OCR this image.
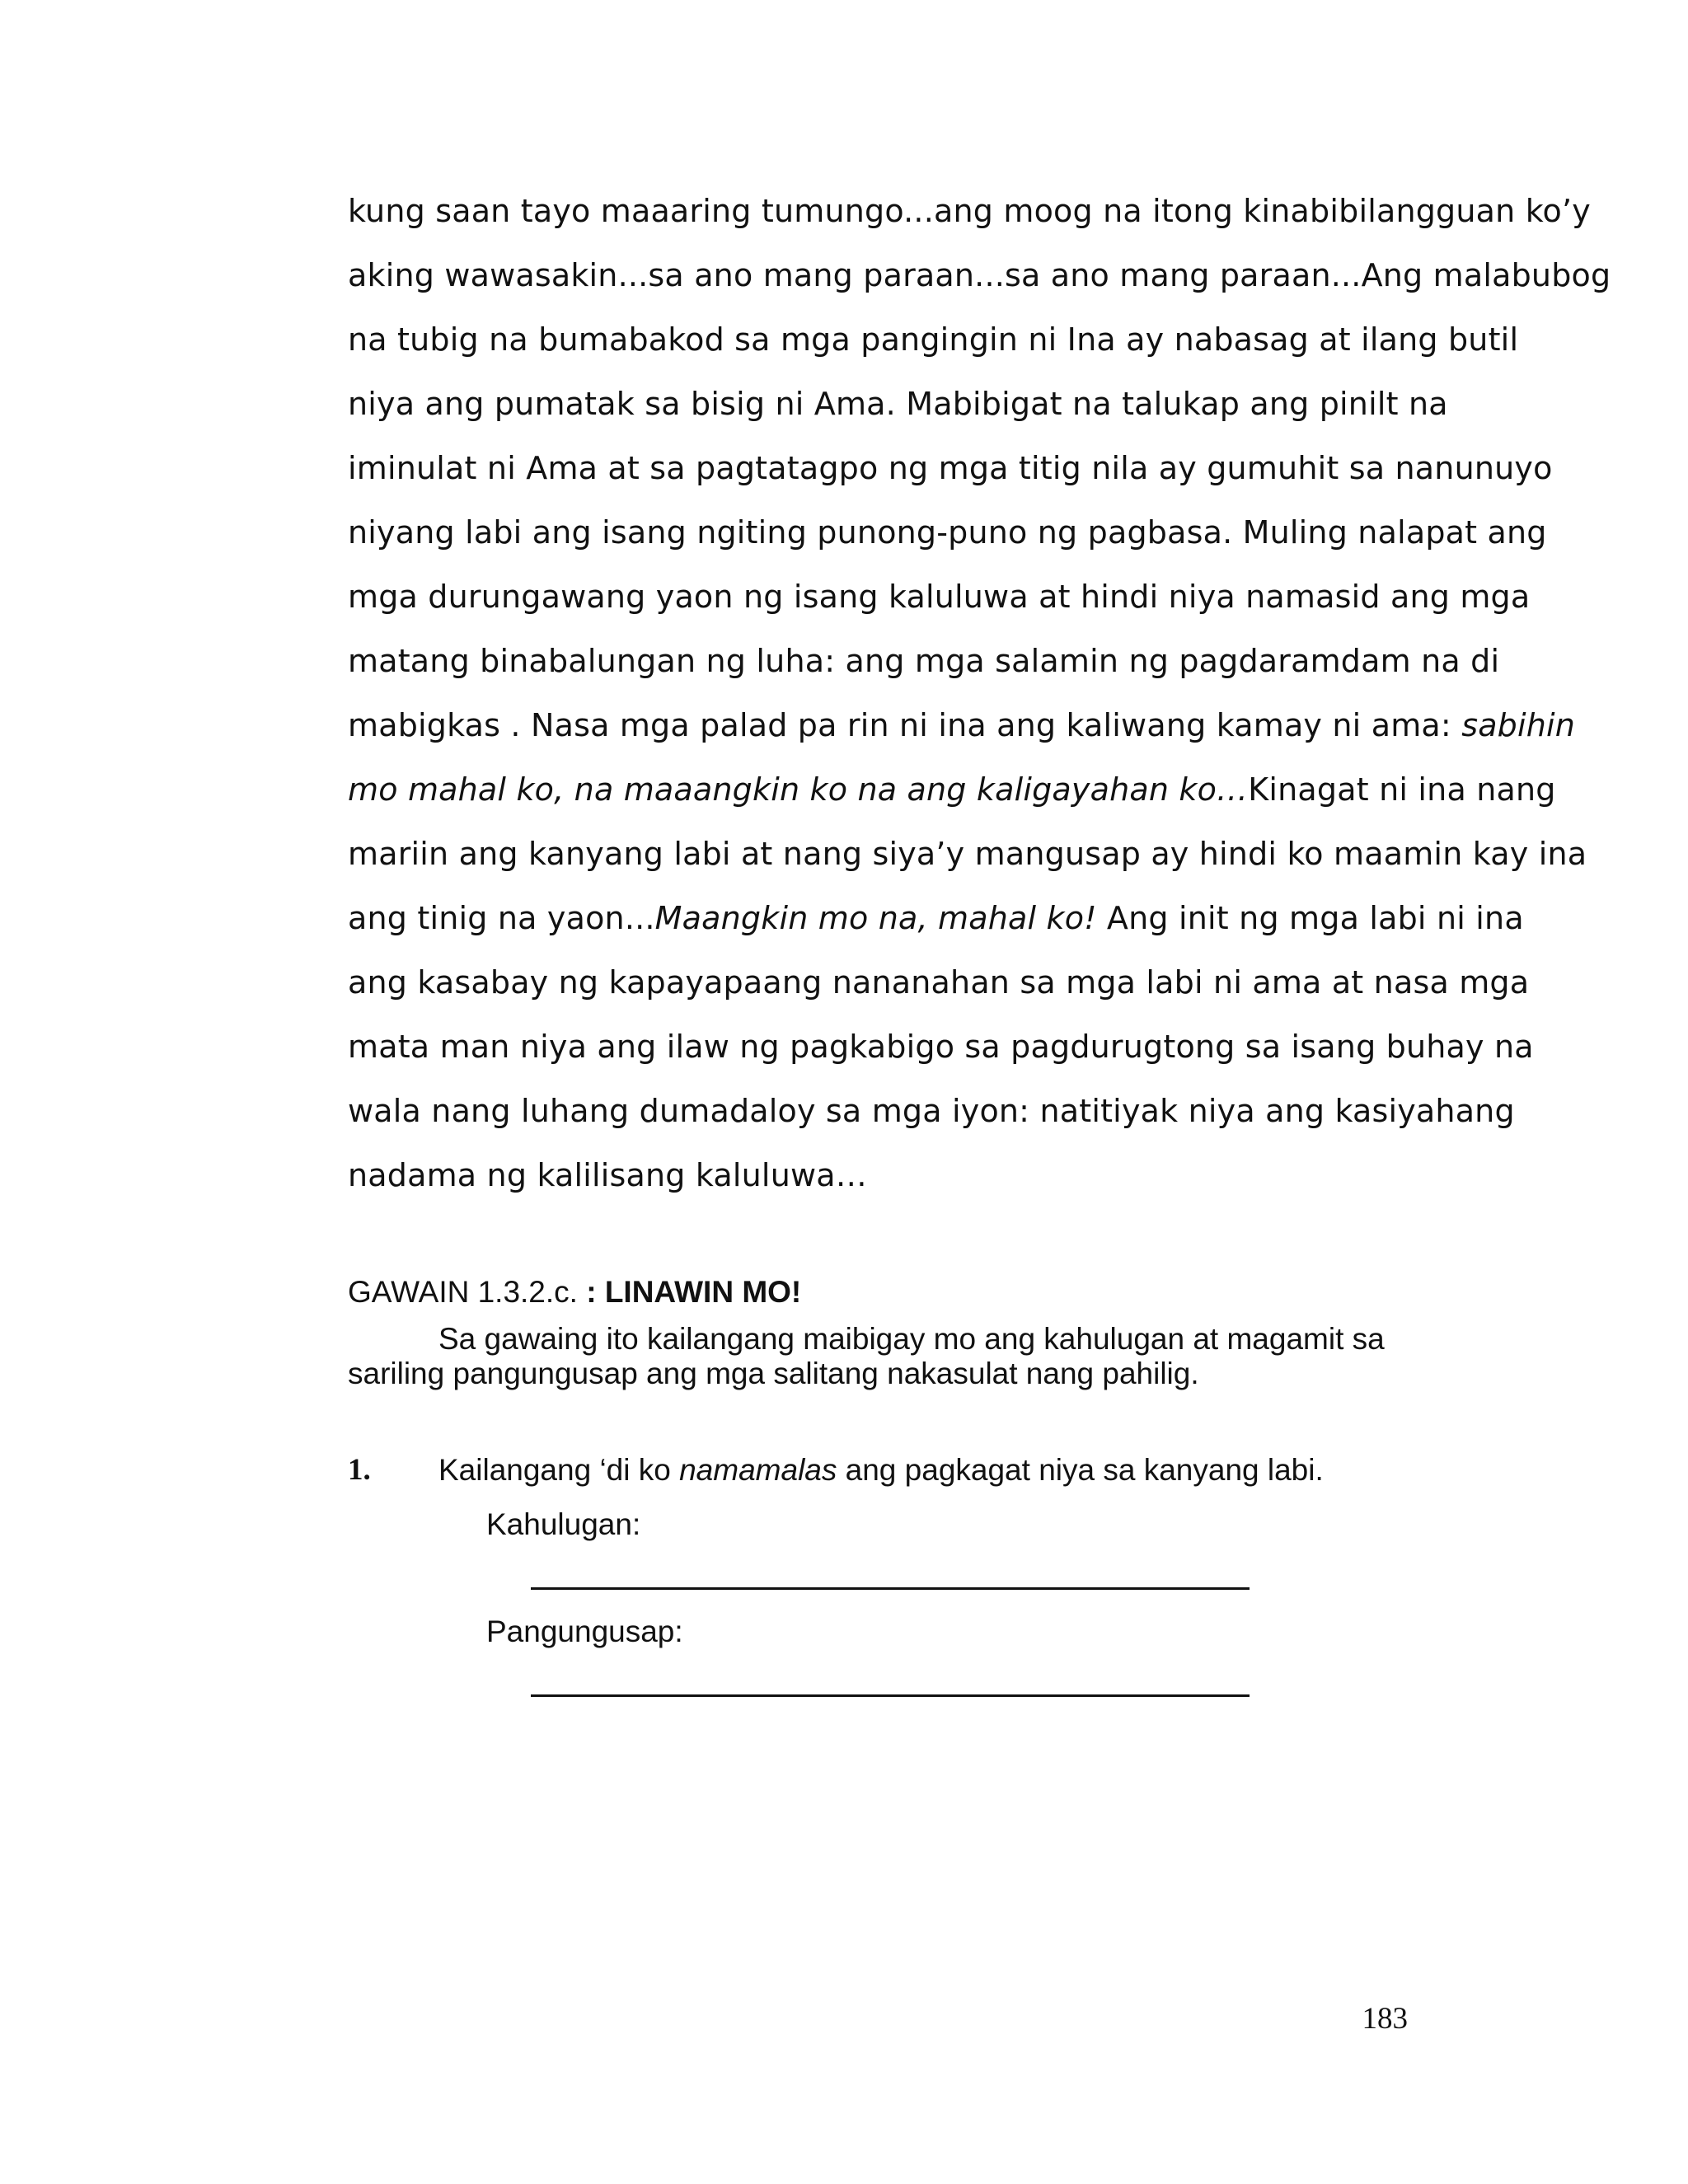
kung saan tayo maaaring tumungo...ang moog na itong kinabibilangguan ko’y
aking wawasakin...sa ano mang paraan...sa ano mang paraan...Ang malabubog
na tubig na bumabakod sa mga pangingin ni Ina ay nabasag at ilang butil
niya ang pumatak sa bisig ni Ama. Mabibigat na talukap ang pinilt na
iminulat ni Ama at sa pagtatagpo ng mga titig nila ay gumuhit sa nanunuyo
niyang labi ang isang ngiting punong-puno ng pagbasa. Muling nalapat ang
mga durungawang yaon ng isang kaluluwa at hindi niya namasid ang mga
matang binabalungan ng luha: ang mga salamin ng pagdaramdam na di
mabigkas . Nasa mga palad pa rin ni ina ang kaliwang kamay ni ama: sabihin
mo mahal ko, na maaangkin ko na ang kaligayahan ko…Kinagat ni ina nang
mariin ang kanyang labi at nang siya’y mangusap ay hindi ko maamin kay ina
ang tinig na yaon...Maangkin mo na, mahal ko! Ang init ng mga labi ni ina
ang kasabay ng kapayapaang nananahan sa mga labi ni ama at nasa mga
mata man niya ang ilaw ng pagkabigo sa pagdurugtong sa isang buhay na
wala nang luhang dumadaloy sa mga iyon: natitiyak niya ang kasiyahang
nadama ng kalilisang kaluluwa…
GAWAIN 1.3.2.c. : LINAWIN MO!
Sa gawaing ito kailangang maibigay mo ang kahulugan at magamit sa sariling pangungusap ang mga salitang nakasulat nang pahilig.
1. Kailangang ‘di ko namamalas ang pagkagat niya sa kanyang labi.
Kahulugan:
Pangungusap:
183
